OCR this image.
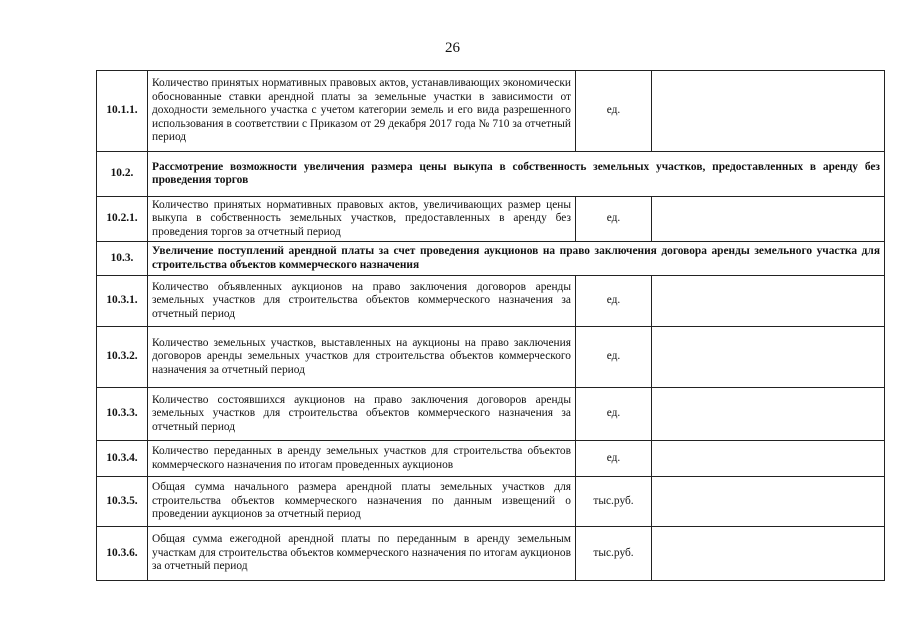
26
10.1.1.	Количество принятых нормативных правовых актов, устанавливающих экономически обоснованные ставки арендной платы за земельные участки в зависимости от доходности земельного участка с учетом категории земель и его вида разрешенного использования в соответствии с Приказом от 29 декабря 2017 года № 710 за отчетный период	ед.	
10.2.	Рассмотрение возможности увеличения размера цены выкупа в собственность земельных участков, предоставленных в аренду без проведения торгов		
10.2.1.	Количество принятых нормативных правовых актов, увеличивающих размер цены выкупа в собственность земельных участков, предоставленных в аренду без проведения торгов за отчетный период	ед.	
10.3.	Увеличение поступлений арендной платы за счет проведения аукционов на право заключения договора аренды земельного участка для строительства объектов коммерческого назначения		
10.3.1.	Количество объявленных аукционов на право заключения договоров аренды земельных участков для строительства объектов коммерческого назначения за отчетный период	ед.	
10.3.2.	Количество земельных участков, выставленных на аукционы на право заключения договоров аренды земельных участков для строительства объектов коммерческого назначения за отчетный период	ед.	
10.3.3.	Количество состоявшихся аукционов на право заключения договоров аренды земельных участков для строительства объектов коммерческого назначения за отчетный период	ед.	
10.3.4.	Количество переданных в аренду земельных участков для строительства объектов коммерческого назначения по итогам проведенных аукционов	ед.	
10.3.5.	Общая сумма начального размера арендной платы земельных участков для строительства объектов коммерческого назначения по данным извещений о проведении аукционов за отчетный период	тыс.руб.	
10.3.6.	Общая сумма ежегодной арендной платы по переданным в аренду земельным участкам для строительства объектов коммерческого назначения по итогам аукционов за отчетный период	тыс.руб.	
